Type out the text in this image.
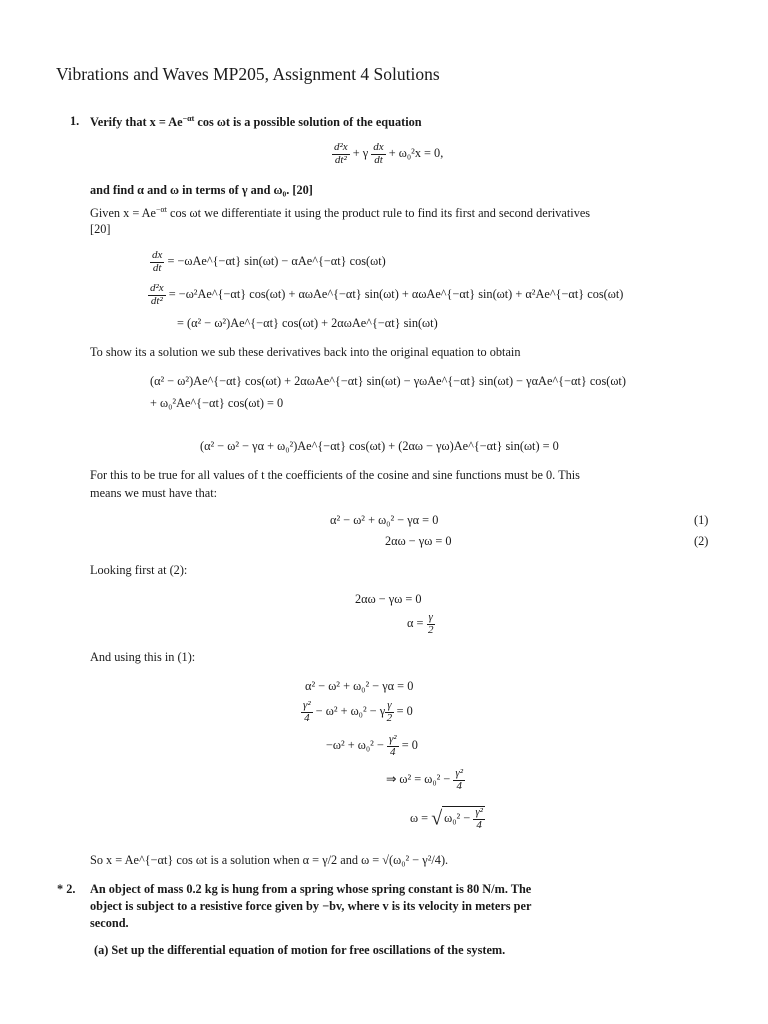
Vibrations and Waves MP205, Assignment 4 Solutions
1. Verify that $x = Ae^{-\alpha t}$ cos ωt is a possible solution of the equation
$\frac{\text{d²x}}{\text{dt²}} + \gamma \frac{dx}{dt} + \omega_0^2x = 0$,
and find α and ω in terms of γ and ω₀. [20]
Given $x = Ae^{-\alpha t}$ cos ωt we differentiate it using the product rule to find its first and second derivatives
[20]
$\frac{dx}{dt}$ = −ωAe^{−αt} sin(ωt) − αAe^{−αt} cos(ωt)
$\frac{\text{d²x}}{\text{dt²}}$ = −ω²Ae^{−αt} cos(ωt) + αωAe^{−αt} sin(ωt) + αωAe^{−αt} sin(ωt) + α²Ae^{−αt} cos(ωt)
= (α² − ω²)Ae^{−αt} cos(ωt) + 2αωAe^{−αt} sin(ωt)
To show its a solution we sub these derivatives back into the original equation to obtain
(α² − ω²)Ae^{−αt} cos(ωt) + 2αωAe^{−αt} sin(ωt) − γωAe^{−αt} sin(ωt) − γαAe^{−αt} cos(ωt)
+ ω₀²Ae^{−αt} cos(ωt) = 0
(α² − ω² − γα + ω₀²)Ae^{−αt} cos(ωt) + (2αω − γω)Ae^{−αt} sin(ωt) = 0
For this to be true for all values of t the coefficients of the cosine and sine functions must be 0. This
means we must have that:
α² − ω² + ω₀² − γα = 0	(1)
2αω − γω = 0	(2)
Looking first at (2):
2αω − γω = 0
$\alpha = \frac{\gamma}{2}$
And using this in (1):
α² − ω² + ω₀² − γα = 0
$\frac{\text{γ²}}{4} - \omega^2 + \omega_0^2 - \gamma \frac{\gamma}{2} = 0$
$-\omega^2 + \omega_0^2 - \frac{\text{γ²}}{4} = 0$
⇒ $\omega^2 = \omega_0^2 - \frac{\text{γ²}}{4}$
ω = √ $\omega_0^2 - \frac{\text{γ²}}{4}$
So x = Ae^{−αt} cos ωt is a solution when α = γ/2 and ω = √(ω₀² − γ²/4).
* 2. An object of mass 0.2 kg is hung from a spring whose spring constant is 80 N/m. The
object is subject to a resistive force given by −bv, where v is its velocity in meters per
second.
(a) Set up the differential equation of motion for free oscillations of the system.
